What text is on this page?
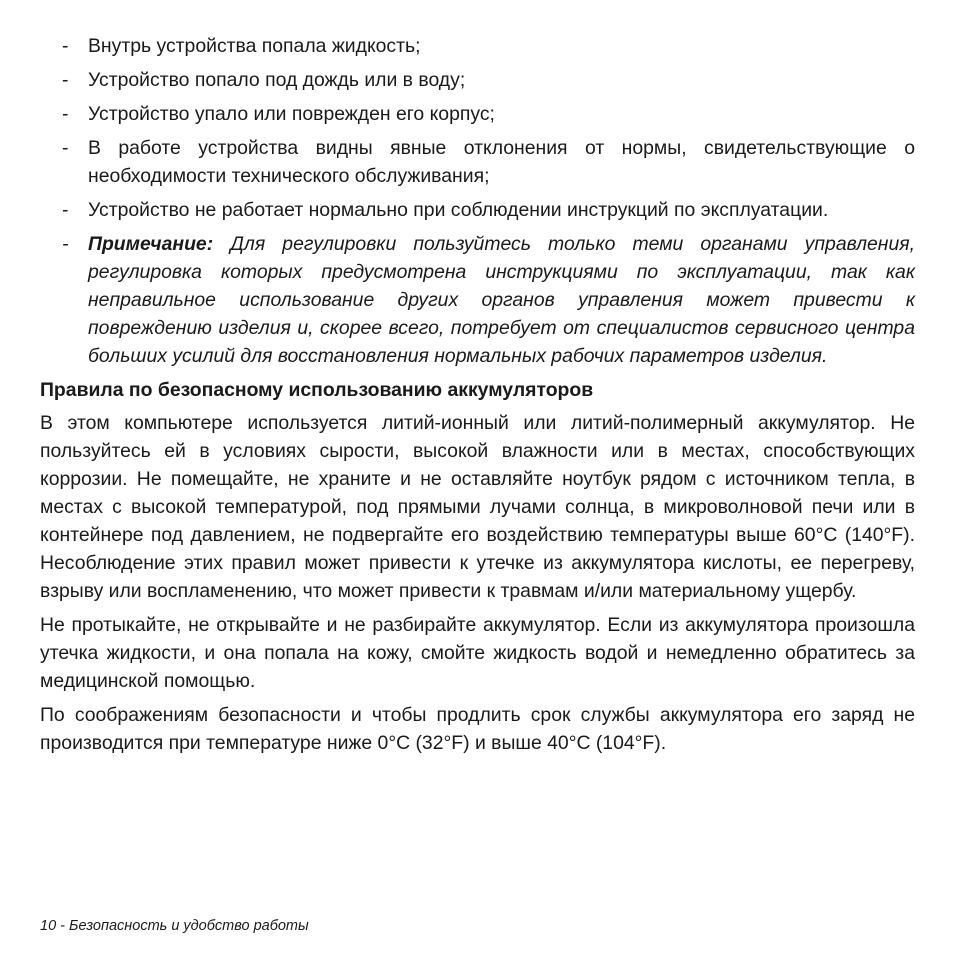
- Внутрь устройства попала жидкость;
- Устройство попало под дождь или в воду;
- Устройство упало или поврежден его корпус;
- В работе устройства видны явные отклонения от нормы, свидетельствующие о необходимости технического обслуживания;
- Устройство не работает нормально при соблюдении инструкций по эксплуатации.
- Примечание: Для регулировки пользуйтесь только теми органами управления, регулировка которых предусмотрена инструкциями по эксплуатации, так как неправильное использование других органов управления может привести к повреждению изделия и, скорее всего, потребует от специалистов сервисного центра больших усилий для восстановления нормальных рабочих параметров изделия.
Правила по безопасному использованию аккумуляторов

В этом компьютере используется литий-ионный или литий-полимерный аккумулятор. Не пользуйтесь ей в условиях сырости, высокой влажности или в местах, способствующих коррозии. Не помещайте, не храните и не оставляйте ноутбук рядом с источником тепла, в местах с высокой температурой, под прямыми лучами солнца, в микроволновой печи или в контейнере под давлением, не подвергайте его воздействию температуры выше 60°C (140°F). Несоблюдение этих правил может привести к утечке из аккумулятора кислоты, ее перегреву, взрыву или воспламенению, что может привести к травмам и/или материальному ущербу.

Не протыкайте, не открывайте и не разбирайте аккумулятор. Если из аккумулятора произошла утечка жидкости, и она попала на кожу, смойте жидкость водой и немедленно обратитесь за медицинской помощью.

По соображениям безопасности и чтобы продлить срок службы аккумулятора его заряд не производится при температуре ниже 0°C (32°F) и выше 40°C (104°F).

10 - Безопасность и удобство работы
